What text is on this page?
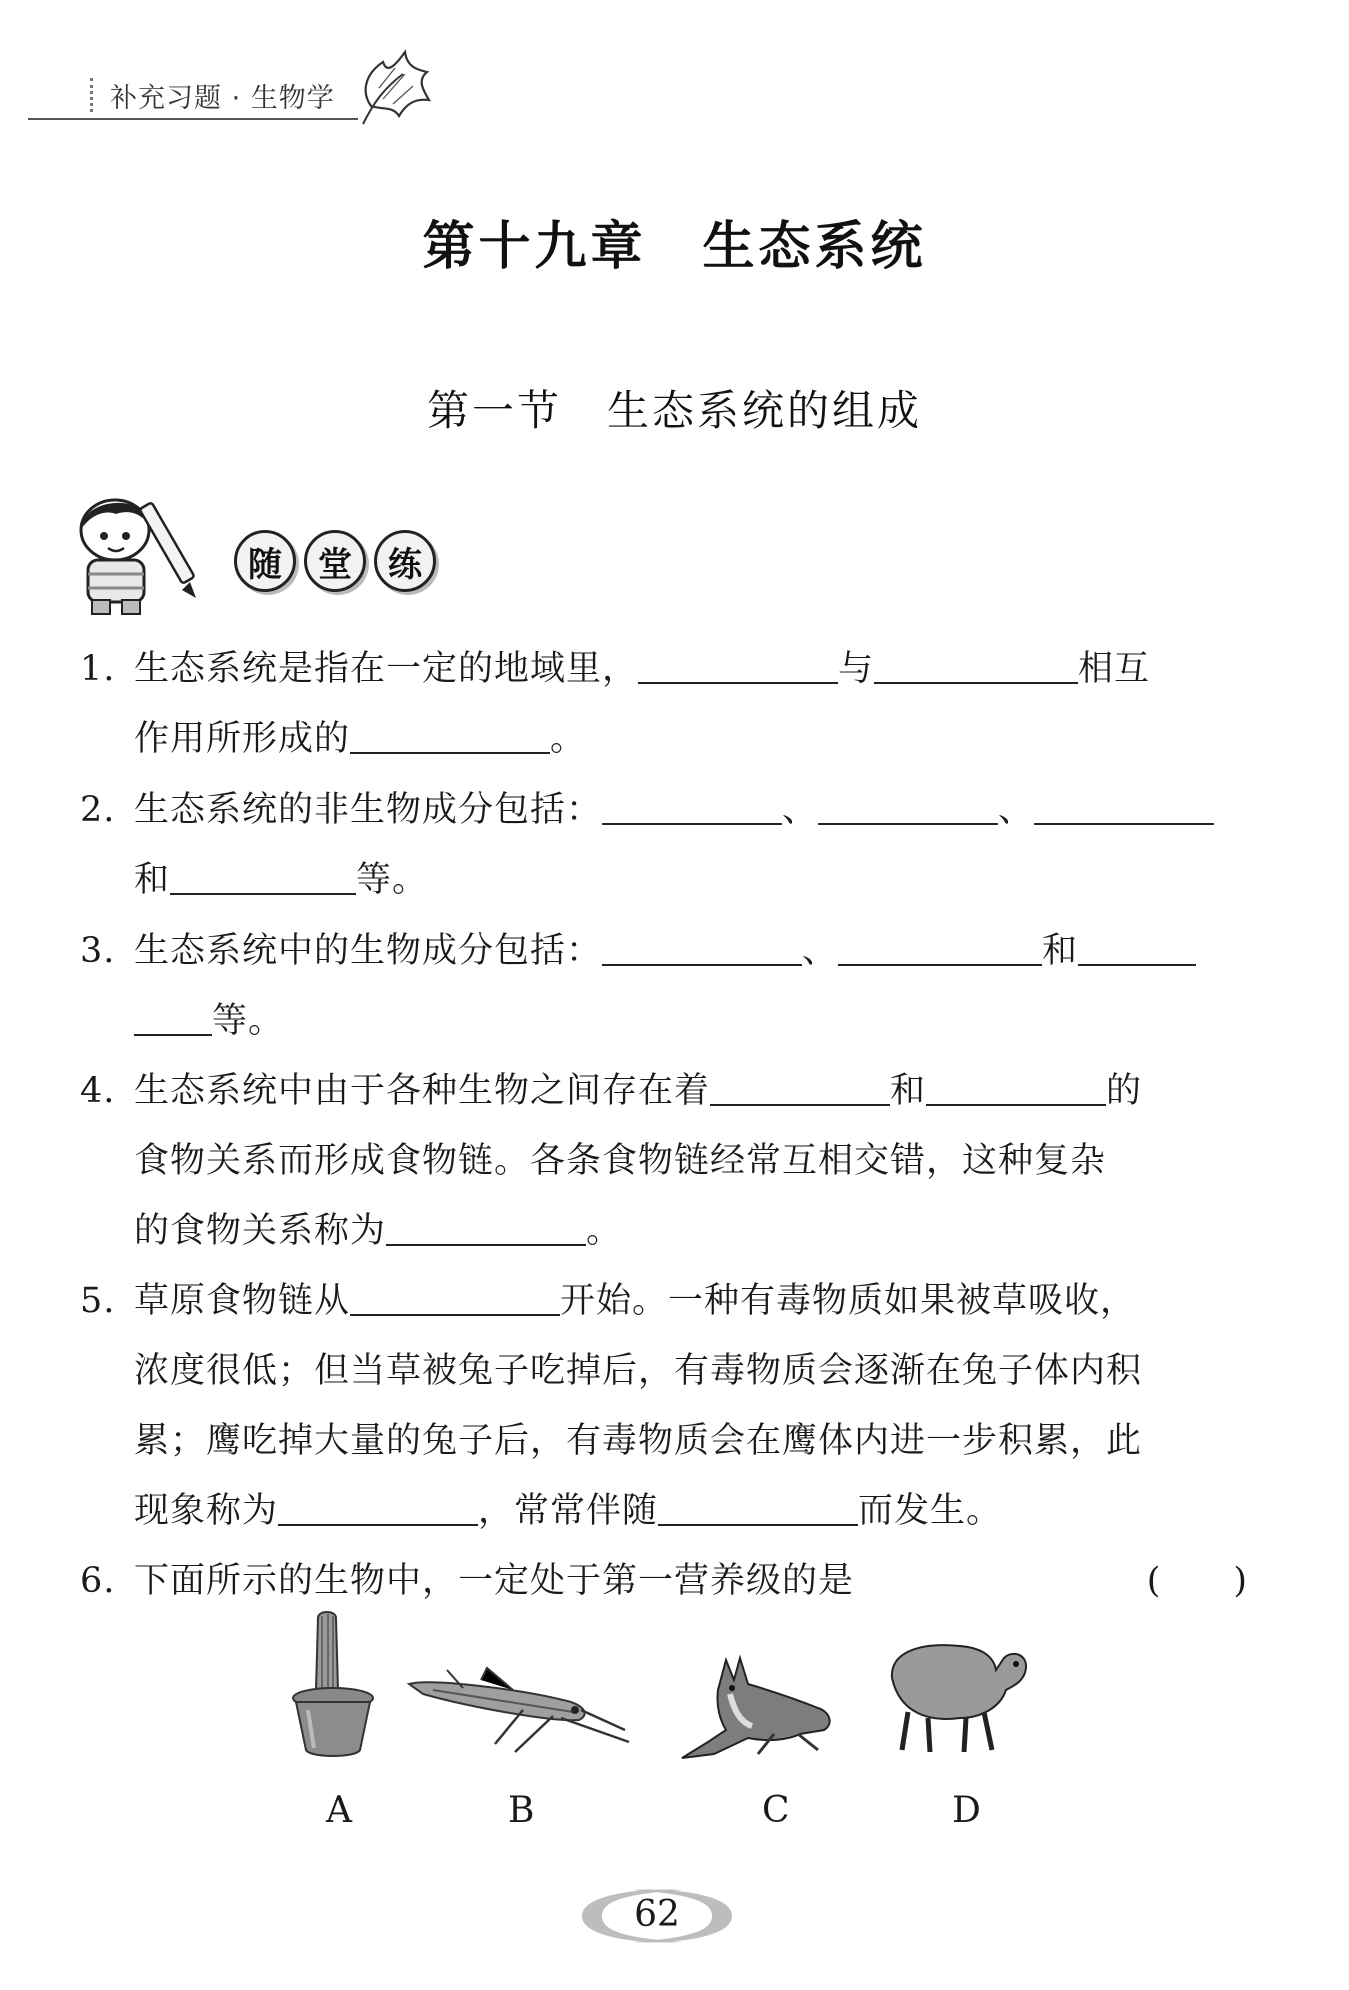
补充习题 · 生物学
第十九章　生态系统
第一节　生态系统的组成
随	堂	练
1. 生态系统是指在一定的地域里，	与	相互
作用所形成的	。
2. 生态系统的非生物成分包括：	、	、
和	等。
3. 生态系统中的生物成分包括：	、	和
等。
4. 生态系统中由于各种生物之间存在着	和	的
食物关系而形成食物链。各条食物链经常互相交错，这种复杂
的食物关系称为	。
5. 草原食物链从	开始。一种有毒物质如果被草吸收，
浓度很低；但当草被兔子吃掉后，有毒物质会逐渐在兔子体内积
累；鹰吃掉大量的兔子后，有毒物质会在鹰体内进一步积累，此
现象称为	，常常伴随	而发生。
6. 下面所示的生物中，一定处于第一营养级的是	(　　)
A	B	C	D
62
